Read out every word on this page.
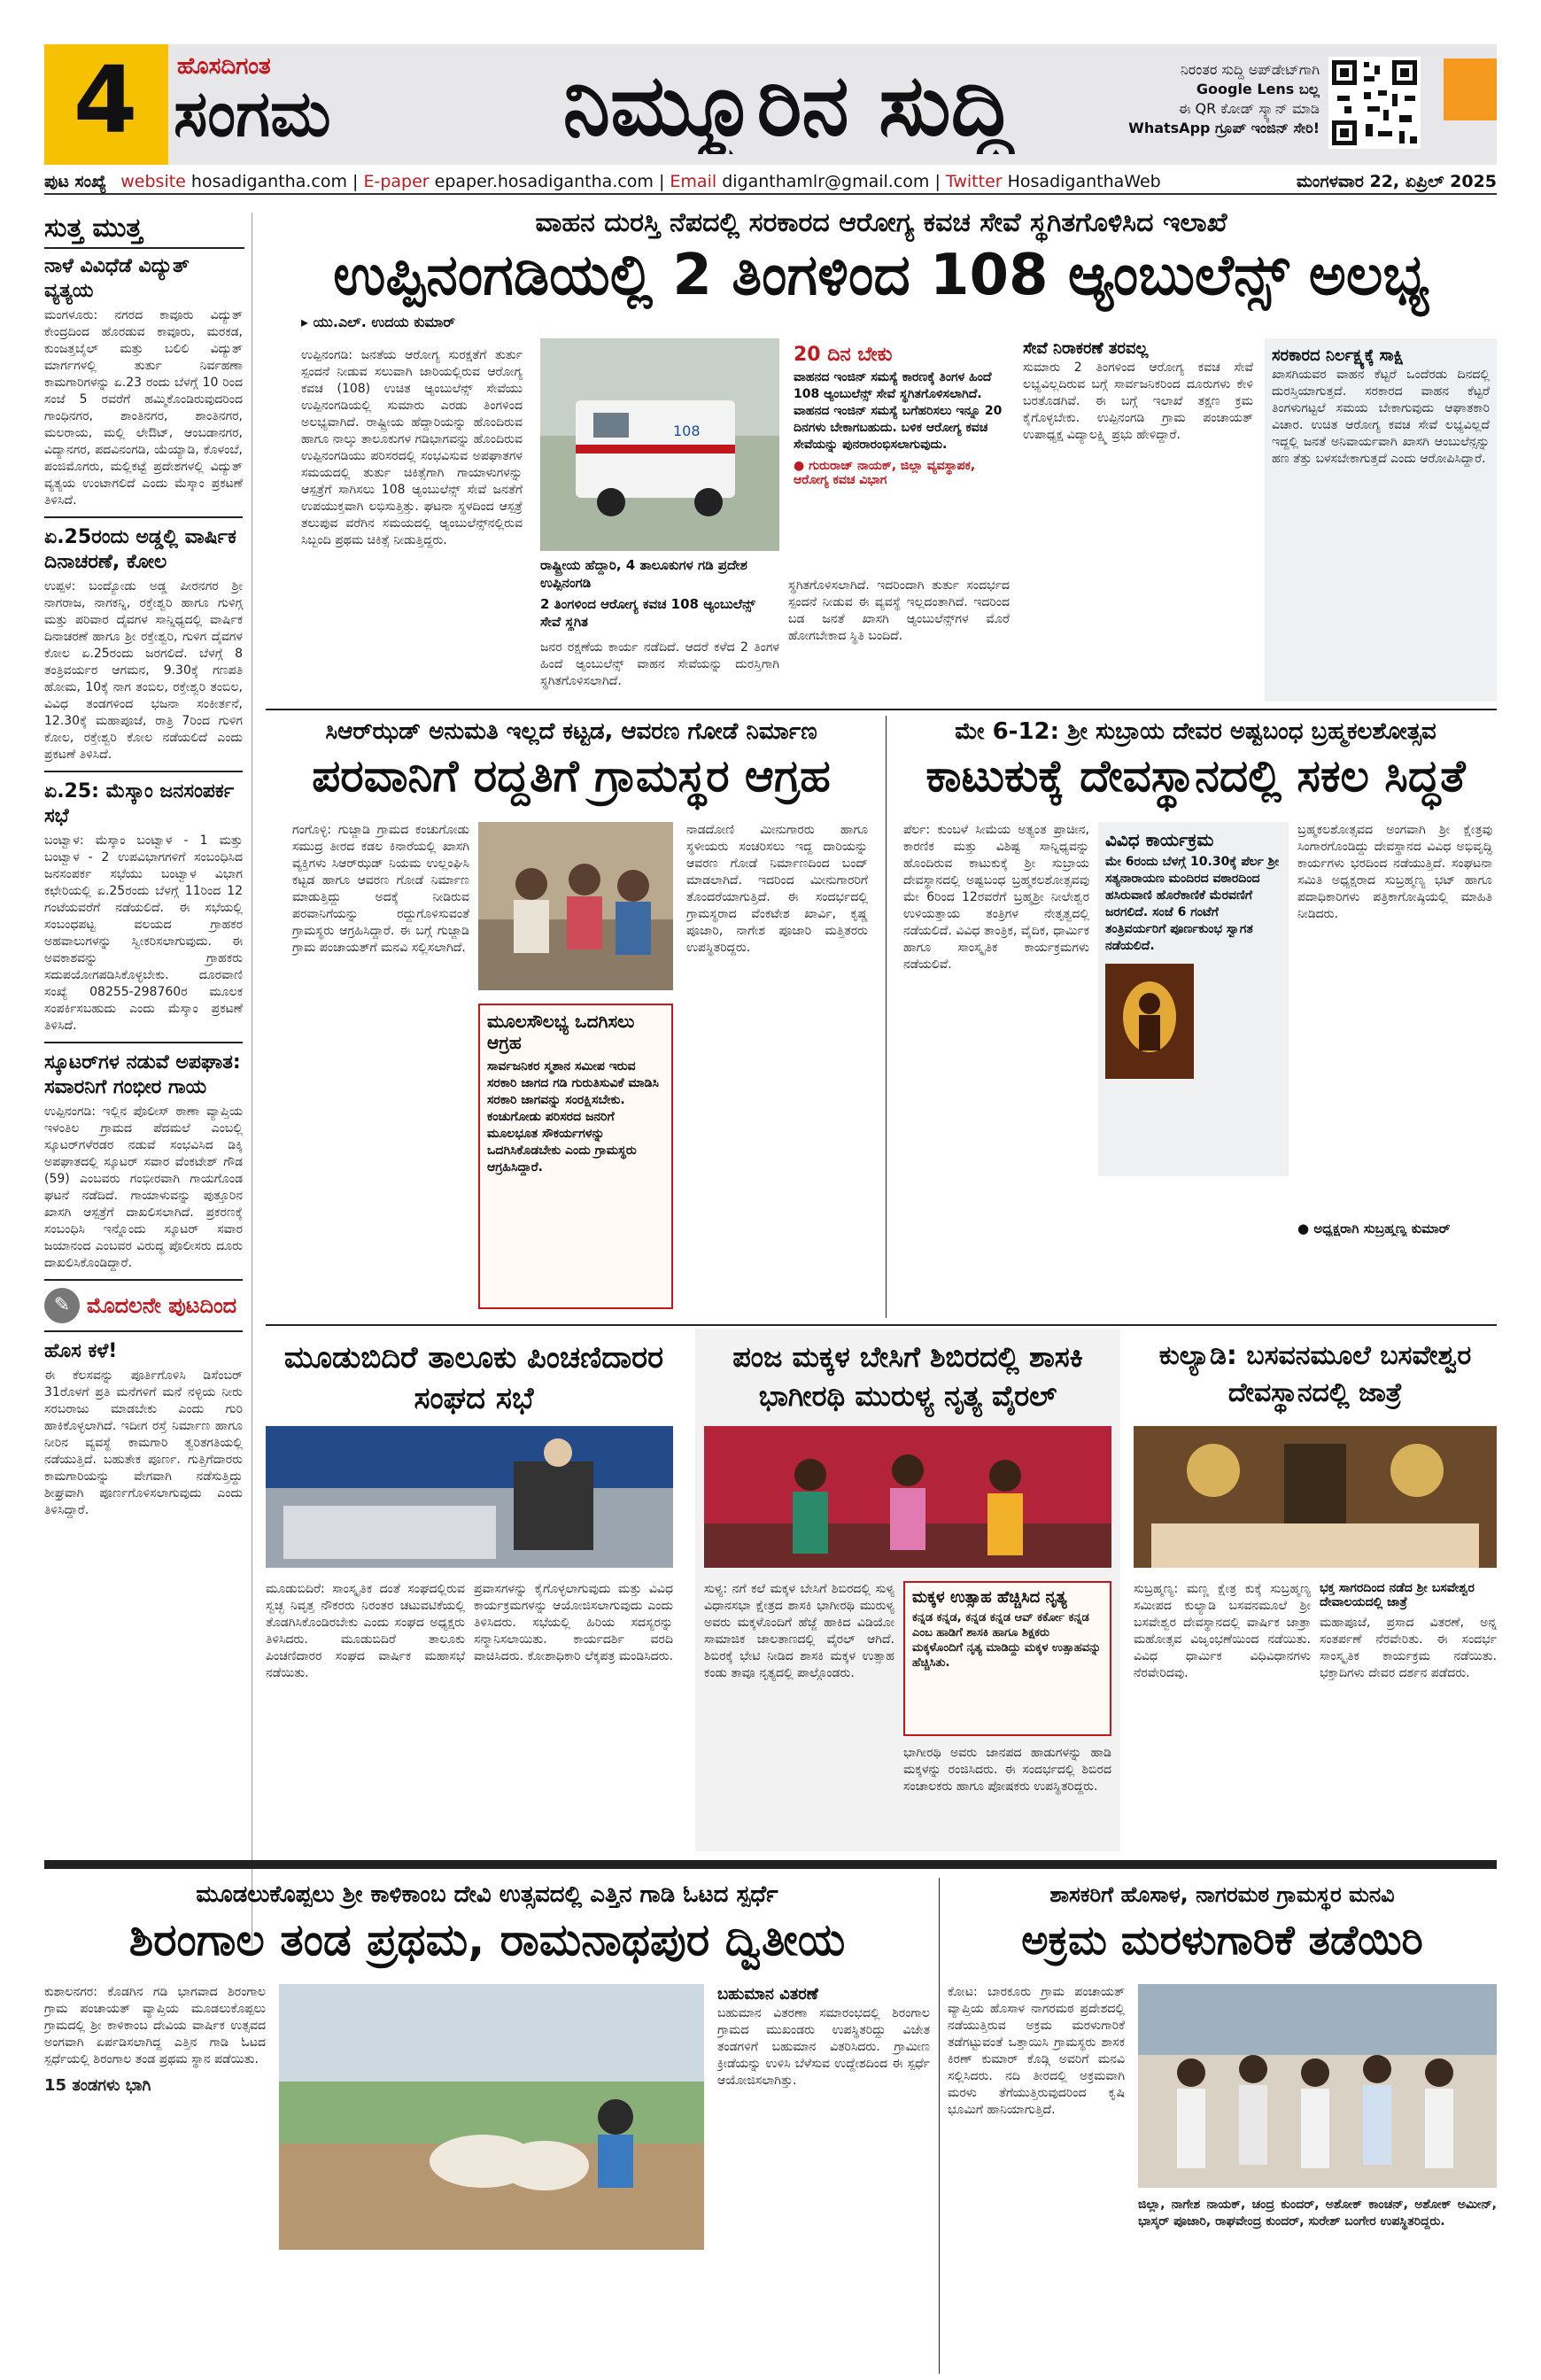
4	ಹೊಸದಿಗಂತ
ಸಂಗಮ	ನಿಮ್ಮೂರಿನ ಸುದ್ದಿ	ನಿರಂತರ ಸುದ್ದಿ ಅಪ್‌ಡೇಟ್‌ಗಾಗಿ
Google Lens ಬಲ್ಲ
ಈ QR ಕೋಡ್ ಸ್ಕ್ಯಾನ್ ಮಾಡಿ
WhatsApp ಗ್ರೂಪ್ ಇಂಜಿನ್ ಸೇರಿ!
ಪುಟ ಸಂಖ್ಯೆ website hosadigantha.com | E-paper epaper.hosadigantha.com | Email diganthamlr@gmail.com | Twitter HosadiganthaWeb	ಮಂಗಳವಾರ 22, ಏಪ್ರಿಲ್ 2025
ಸುತ್ತ ಮುತ್ತ
ನಾಳೆ ವಿವಿಧೆಡೆ ವಿದ್ಯುತ್ ವ್ಯತ್ಯಯ
ಮಂಗಳೂರು: ನಗರದ ಕಾವೂರು ವಿದ್ಯುತ್ ಕೇಂದ್ರದಿಂದ ಹೊರಡುವ ಕಾವೂರು, ಮರಕಡ, ಕುಂಜತ್ತಬೈಲ್ ಮತ್ತು ಬಲಿಲಿ ವಿದ್ಯುತ್ ಮಾರ್ಗಗಳಲ್ಲಿ ತುರ್ತು ನಿರ್ವಹಣಾ ಕಾಮಗಾರಿಗಳನ್ನು ಏ.23 ರಂದು ಬೆಳಗ್ಗೆ 10 ರಿಂದ ಸಂಜೆ 5 ರವರೆಗೆ ಹಮ್ಮಿಕೊಂಡಿರುವುದರಿಂದ ಗಾಂಧಿನಗರ, ಶಾಂತಿನಗರ, ಶಾಂತಿನಗರ, ಮಲರಾಯ, ಮಲ್ಲಿ ಲೇಔಟ್, ಆಂಬಡಾನಗರ, ವಿದ್ಯಾನಗರ, ಪದವಿನಂಗಡಿ, ಯೆಯ್ಯಾಡಿ, ಕೊಳಂಬೆ, ಪಂಜಿಮೊಗರು, ಮಲ್ಲಿಕಟ್ಟೆ ಪ್ರದೇಶಗಳಲ್ಲಿ ವಿದ್ಯುತ್ ವ್ಯತ್ಯಯ ಉಂಟಾಗಲಿದೆ ಎಂದು ಮೆಸ್ಕಾಂ ಪ್ರಕಟಣೆ ತಿಳಿಸಿದೆ.
ಏ.25ರಂದು ಅಡ್ಡಲ್ಲಿ ವಾರ್ಷಿಕ ದಿನಾಚರಣೆ, ಕೋಲ
ಉಪ್ಪಳ: ಬಂದ್ಯೋಡು ಅಡ್ಡ ಪೀರನಗರ ಶ್ರೀ ನಾಗರಾಜ, ನಾಗಕನ್ನಿ, ರಕ್ತೇಶ್ವರಿ ಹಾಗೂ ಗುಳಿಗ್ಗ ಮತ್ತು ಪರಿವಾರ ದೈವಗಳ ಸಾನ್ನಿಧ್ಯದಲ್ಲಿ ವಾರ್ಷಿಕ ದಿನಾಚರಣೆ ಹಾಗೂ ಶ್ರೀ ರಕ್ತೇಶ್ವರಿ, ಗುಳಿಗ ದೈವಗಳ ಕೋಲ ಏ.25ರಂದು ಜರಗಲಿದೆ. ಬೆಳಗ್ಗೆ 8 ತಂತ್ರಿವರ್ಯರ ಆಗಮನ, 9.30ಕ್ಕೆ ಗಣಪತಿ ಹೋಮ, 10ಕ್ಕೆ ನಾಗ ತಂಬಿಲ, ರಕ್ತೇಶ್ವರಿ ತಂಬಿಲ, ವಿವಿಧ ತಂಡಗಳಿಂದ ಭಜನಾ ಸಂಕೀರ್ತನೆ, 12.30ಕ್ಕೆ ಮಹಾಪೂಜೆ, ರಾತ್ರಿ 7ರಿಂದ ಗುಳಿಗ ಕೋಲ, ರಕ್ತೇಶ್ವರಿ ಕೋಲ ನಡೆಯಲಿದೆ ಎಂದು ಪ್ರಕಟಣೆ ತಿಳಿಸಿದೆ.
ಏ.25: ಮೆಸ್ಕಾಂ ಜನಸಂಪರ್ಕ ಸಭೆ
ಬಂಟ್ವಾಳ: ಮೆಸ್ಕಾಂ ಬಂಟ್ವಾಳ - 1 ಮತ್ತು ಬಂಟ್ವಾಳ - 2 ಉಪವಿಭಾಗಗಳಿಗೆ ಸಂಬಂಧಿಸಿದ ಜನಸಂಪರ್ಕ ಸಭೆಯು ಬಂಟ್ವಾಳ ವಿಭಾಗ ಕಛೇರಿಯಲ್ಲಿ ಏ.25ರಂದು ಬೆಳಗ್ಗೆ 11ರಿಂದ 12 ಗಂಟೆಯವರೆಗೆ ನಡೆಯಲಿದೆ. ಈ ಸಭೆಯಲ್ಲಿ ಸಂಬಂಧಪಟ್ಟ ವಲಯದ ಗ್ರಾಹಕರ ಅಹವಾಲುಗಳನ್ನು ಸ್ವೀಕರಿಸಲಾಗುವುದು. ಈ ಅವಕಾಶವನ್ನು ಗ್ರಾಹಕರು ಸದುಪಯೋಗಪಡಿಸಿಕೊಳ್ಳಬೇಕು. ದೂರವಾಣಿ ಸಂಖ್ಯೆ 08255-298760ರ ಮೂಲಕ ಸಂಪರ್ಕಿಸಬಹುದು ಎಂದು ಮೆಸ್ಕಾಂ ಪ್ರಕಟಣೆ ತಿಳಿಸಿದೆ.
ಸ್ಕೂಟರ್‌ಗಳ ನಡುವೆ ಅಪಘಾತ: ಸವಾರನಿಗೆ ಗಂಭೀರ ಗಾಯ
ಉಪ್ಪಿನಂಗಡಿ: ಇಲ್ಲಿನ ಪೊಲೀಸ್ ಠಾಣಾ ವ್ಯಾಪ್ತಿಯ ಇಳಂತಿಲ ಗ್ರಾಮದ ಪೆದಮಲೆ ಎಂಬಲ್ಲಿ ಸ್ಕೂಟರ್‌ಗಳೆರಡರ ನಡುವೆ ಸಂಭವಿಸಿದ ಡಿಕ್ಕಿ ಅಪಘಾತದಲ್ಲಿ ಸ್ಕೂಟರ್ ಸವಾರ ವೆಂಕಟೇಶ್ ಗೌಡ (59) ಎಂಬವರು ಗಂಭೀರವಾಗಿ ಗಾಯಗೊಂಡ ಘಟನೆ ನಡೆದಿದೆ. ಗಾಯಾಳುವನ್ನು ಪುತ್ತೂರಿನ ಖಾಸಗಿ ಆಸ್ಪತ್ರೆಗೆ ದಾಖಲಿಸಲಾಗಿದೆ. ಪ್ರಕರಣಕ್ಕೆ ಸಂಬಂಧಿಸಿ ಇನ್ನೊಂದು ಸ್ಕೂಟರ್ ಸವಾರ ಜಯಾನಂದ ಎಂಬವರ ವಿರುದ್ಧ ಪೊಲೀಸರು ದೂರು ದಾಖಲಿಸಿಕೊಂಡಿದ್ದಾರೆ.
✎ ಮೊದಲನೇ ಪುಟದಿಂದ
ಹೊಸ ಕಳೆ!
ಈ ಕೆಲಸವನ್ನು ಪೂರ್ತಿಗೊಳಿಸಿ ಡಿಸೆಂಬರ್ 31ರೊಳಗೆ ಪ್ರತಿ ಮನೆಗಳಿಗೆ ಮನೆ ನಳ್ಳಿಯ ನೀರು ಸರಬರಾಜು ಮಾಡಬೇಕು ಎಂದು ಗುರಿ ಹಾಕಿಕೊಳ್ಳಲಾಗಿದೆ. ಇದೀಗ ರಸ್ತೆ ನಿರ್ಮಾಣ ಹಾಗೂ ನೀರಿನ ವ್ಯವಸ್ಥೆ ಕಾಮಗಾರಿ ತ್ವರಿತಗತಿಯಲ್ಲಿ ನಡೆಯುತ್ತಿದೆ. ಬಹುತೇಕ ಪೂರ್ಣ. ಗುತ್ತಿಗೆದಾರರು ಕಾಮಗಾರಿಯನ್ನು ವೇಗವಾಗಿ ನಡೆಸುತ್ತಿದ್ದು ಶೀಘ್ರವಾಗಿ ಪೂರ್ಣಗೊಳಿಸಲಾಗುವುದು ಎಂದು ತಿಳಿಸಿದ್ದಾರೆ.
ವಾಹನ ದುರಸ್ತಿ ನೆಪದಲ್ಲಿ ಸರಕಾರದ ಆರೋಗ್ಯ ಕವಚ ಸೇವೆ ಸ್ಥಗಿತಗೊಳಿಸಿದ ಇಲಾಖೆ
ಉಪ್ಪಿನಂಗಡಿಯಲ್ಲಿ 2 ತಿಂಗಳಿಂದ 108 ಆ್ಯಂಬುಲೆನ್ಸ್ ಅಲಭ್ಯ
▸ ಯು.ಎಲ್. ಉದಯ ಕುಮಾರ್
ಉಪ್ಪಿನಂಗಡಿ: ಜನತೆಯ ಆರೋಗ್ಯ ಸುರಕ್ಷತೆಗೆ ತುರ್ತು ಸ್ಪಂದನೆ ನೀಡುವ ಸಲುವಾಗಿ ಜಾರಿಯಲ್ಲಿರುವ ಆರೋಗ್ಯ ಕವಚ (108) ಉಚಿತ ಆ್ಯಂಬುಲೆನ್ಸ್ ಸೇವೆಯು ಉಪ್ಪಿನಂಗಡಿಯಲ್ಲಿ ಸುಮಾರು ಎರಡು ತಿಂಗಳಿಂದ ಅಲಭ್ಯವಾಗಿದೆ. ರಾಷ್ಟ್ರೀಯ ಹೆದ್ದಾರಿಯನ್ನು ಹೊಂದಿರುವ ಹಾಗೂ ನಾಲ್ಕು ತಾಲೂಕುಗಳ ಗಡಿಭಾಗವನ್ನು ಹೊಂದಿರುವ ಉಪ್ಪಿನಂಗಡಿಯು ಪರಿಸರದಲ್ಲಿ ಸಂಭವಿಸುವ ಅಪಘಾತಗಳ ಸಮಯದಲ್ಲಿ ತುರ್ತು ಚಿಕಿತ್ಸೆಗಾಗಿ ಗಾಯಾಳುಗಳನ್ನು ಆಸ್ಪತ್ರೆಗೆ ಸಾಗಿಸಲು 108 ಆ್ಯಂಬುಲೆನ್ಸ್ ಸೇವೆ ಜನತೆಗೆ ಉಪಯುಕ್ತವಾಗಿ ಲಭಿಸುತ್ತಿತ್ತು. ಘಟನಾ ಸ್ಥಳದಿಂದ ಆಸ್ಪತ್ರೆ ತಲುಪುವ ವರೆಗಿನ ಸಮಯದಲ್ಲಿ ಆ್ಯಂಬುಲೆನ್ಸ್‌ನಲ್ಲಿರುವ ಸಿಬ್ಬಂದಿ ಪ್ರಥಮ ಚಿಕಿತ್ಸೆ ನೀಡುತ್ತಿದ್ದರು.
108
ರಾಷ್ಟ್ರೀಯ ಹೆದ್ದಾರಿ, 4 ತಾಲೂಕುಗಳ ಗಡಿ ಪ್ರದೇಶ ಉಪ್ಪಿನಂಗಡಿ
2 ತಿಂಗಳಿಂದ ಆರೋಗ್ಯ ಕವಚ 108 ಆ್ಯಂಬುಲೆನ್ಸ್ ಸೇವೆ ಸ್ಥಗಿತ
ಜನರ ರಕ್ಷಣೆಯ ಕಾರ್ಯ ನಡೆದಿದೆ. ಆದರೆ ಕಳೆದ 2 ತಿಂಗಳ ಹಿಂದೆ ಆ್ಯಂಬುಲೆನ್ಸ್ ವಾಹನ ಸೇವೆಯನ್ನು ದುರಸ್ತಿಗಾಗಿ ಸ್ಥಗಿತಗೊಳಿಸಲಾಗಿದೆ.
20 ದಿನ ಬೇಕು
ವಾಹನದ ಇಂಜಿನ್ ಸಮಸ್ಯೆ ಕಾರಣಕ್ಕೆ ತಿಂಗಳ ಹಿಂದೆ 108 ಆ್ಯಂಬುಲೆನ್ಸ್ ಸೇವೆ ಸ್ಥಗಿತಗೊಳಿಸಲಾಗಿದೆ. ವಾಹನದ ಇಂಜಿನ್ ಸಮಸ್ಯೆ ಬಗೆಹರಿಸಲು ಇನ್ನೂ 20 ದಿನಗಳು ಬೇಕಾಗಬಹುದು. ಬಳಿಕ ಆರೋಗ್ಯ ಕವಚ ಸೇವೆಯನ್ನು ಪುನರಾರಂಭಿಸಲಾಗುವುದು.
● ಗುರುರಾಜ್ ನಾಯಕ್, ಜಿಲ್ಲಾ ವ್ಯವಸ್ಥಾಪಕ, ಆರೋಗ್ಯ ಕವಚ ವಿಭಾಗ
ಸ್ಥಗಿತಗೊಳಿಸಲಾಗಿದೆ. ಇದರಿಂದಾಗಿ ತುರ್ತು ಸಂದರ್ಭದ ಸ್ಪಂದನೆ ನೀಡುವ ಈ ವ್ಯವಸ್ಥೆ ಇಲ್ಲದಂತಾಗಿದೆ. ಇದರಿಂದ ಬಡ ಜನತೆ ಖಾಸಗಿ ಆ್ಯಂಬುಲೆನ್ಸ್‌ಗಳ ಮೊರೆ ಹೋಗಬೇಕಾದ ಸ್ಥಿತಿ ಬಂದಿದೆ.
ಸೇವೆ ನಿರಾಕರಣೆ ತರವಲ್ಲ
ಸುಮಾರು 2 ತಿಂಗಳಿಂದ ಆರೋಗ್ಯ ಕವಚ ಸೇವೆ ಲಭ್ಯವಿಲ್ಲದಿರುವ ಬಗ್ಗೆ ಸಾರ್ವಜನಿಕರಿಂದ ದೂರುಗಳು ಕೇಳಿ ಬರತೊಡಗಿವೆ. ಈ ಬಗ್ಗೆ ಇಲಾಖೆ ತಕ್ಷಣ ಕ್ರಮ ಕೈಗೊಳ್ಳಬೇಕು. ಉಪ್ಪಿನಂಗಡಿ ಗ್ರಾಮ ಪಂಚಾಯತ್ ಉಪಾಧ್ಯಕ್ಷ ವಿದ್ಯಾಲಕ್ಷ್ಮಿ ಪ್ರಭು ಹೇಳಿದ್ದಾರೆ.
ಸರಕಾರದ ನಿರ್ಲಕ್ಷ್ಯಕ್ಕೆ ಸಾಕ್ಷಿ
ಖಾಸಗಿಯವರ ವಾಹನ ಕೆಟ್ಟರೆ ಒಂದೆರಡು ದಿನದಲ್ಲಿ ದುರಸ್ತಿಯಾಗುತ್ತದೆ. ಸರಕಾರದ ವಾಹನ ಕೆಟ್ಟರೆ ತಿಂಗಳುಗಟ್ಟಲೆ ಸಮಯ ಬೇಕಾಗುವುದು ಆಘಾತಕಾರಿ ವಿಚಾರ. ಉಚಿತ ಆರೋಗ್ಯ ಕವಚ ಸೇವೆ ಲಭ್ಯವಿಲ್ಲದೆ ಇದ್ದಲ್ಲಿ ಜನತೆ ಅನಿವಾರ್ಯವಾಗಿ ಖಾಸಗಿ ಆಂಬುಲೆನ್ಸನ್ನು ಹಣ ತೆತ್ತು ಬಳಸಬೇಕಾಗುತ್ತದೆ ಎಂದು ಆರೋಪಿಸಿದ್ದಾರೆ.
ಸಿಆರ್‌ಝಡ್ ಅನುಮತಿ ಇಲ್ಲದೆ ಕಟ್ಟಡ, ಆವರಣ ಗೋಡೆ ನಿರ್ಮಾಣ
ಪರವಾನಿಗೆ ರದ್ದತಿಗೆ ಗ್ರಾಮಸ್ಥರ ಆಗ್ರಹ
ಗಂಗೊಳ್ಳಿ: ಗುಜ್ಜಾಡಿ ಗ್ರಾಮದ ಕಂಚುಗೋಡು ಸಮುದ್ರ ತೀರದ ಕಡಲ ಕಿನಾರೆಯಲ್ಲಿ ಖಾಸಗಿ ವ್ಯಕ್ತಿಗಳು ಸಿಆರ್‌ಝಡ್ ನಿಯಮ ಉಲ್ಲಂಘಿಸಿ ಕಟ್ಟಡ ಹಾಗೂ ಆವರಣ ಗೋಡೆ ನಿರ್ಮಾಣ ಮಾಡುತ್ತಿದ್ದು ಅದಕ್ಕೆ ನೀಡಿರುವ ಪರವಾನಿಗೆಯನ್ನು ರದ್ದುಗೊಳಿಸುವಂತೆ ಗ್ರಾಮಸ್ಥರು ಆಗ್ರಹಿಸಿದ್ದಾರೆ. ಈ ಬಗ್ಗೆ ಗುಜ್ಜಾಡಿ ಗ್ರಾಮ ಪಂಚಾಯತ್‌ಗೆ ಮನವಿ ಸಲ್ಲಿಸಲಾಗಿದೆ.
ಮೂಲಸೌಲಭ್ಯ ಒದಗಿಸಲು ಆಗ್ರಹ
ಸಾರ್ವಜನಿಕರ ಸ್ಮಶಾನ ಸಮೀಪ ಇರುವ ಸರಕಾರಿ ಜಾಗದ ಗಡಿ ಗುರುತಿಸುವಿಕೆ ಮಾಡಿಸಿ ಸರಕಾರಿ ಜಾಗವನ್ನು ಸಂರಕ್ಷಿಸಬೇಕು. ಕಂಚುಗೋಡು ಪರಿಸರದ ಜನರಿಗೆ ಮೂಲಭೂತ ಸೌಕರ್ಯಗಳನ್ನು ಒದಗಿಸಿಕೊಡಬೇಕು ಎಂದು ಗ್ರಾಮಸ್ಥರು ಆಗ್ರಹಿಸಿದ್ದಾರೆ.
ನಾಡದೋಣಿ ಮೀನುಗಾರರು ಹಾಗೂ ಸ್ಥಳೀಯರು ಸಂಚರಿಸಲು ಇದ್ದ ದಾರಿಯನ್ನು ಆವರಣ ಗೋಡೆ ನಿರ್ಮಾಣದಿಂದ ಬಂದ್ ಮಾಡಲಾಗಿದೆ. ಇದರಿಂದ ಮೀನುಗಾರರಿಗೆ ತೊಂದರೆಯಾಗುತ್ತಿದೆ. ಈ ಸಂದರ್ಭದಲ್ಲಿ ಗ್ರಾಮಸ್ಥರಾದ ವೆಂಕಟೇಶ ಖಾರ್ವಿ, ಕೃಷ್ಣ ಪೂಜಾರಿ, ನಾಗೇಶ ಪೂಜಾರಿ ಮತ್ತಿತರರು ಉಪಸ್ಥಿತರಿದ್ದರು.
ಮೇ 6-12: ಶ್ರೀ ಸುಬ್ರಾಯ ದೇವರ ಅಷ್ಟಬಂಧ ಬ್ರಹ್ಮಕಲಶೋತ್ಸವ
ಕಾಟುಕುಕ್ಕೆ ದೇವಸ್ಥಾನದಲ್ಲಿ ಸಕಲ ಸಿದ್ಧತೆ
ಪೆರ್ಲ: ಕುಂಬಳೆ ಸೀಮೆಯ ಅತ್ಯಂತ ಪ್ರಾಚೀನ, ಕಾರಣಿಕ ಮತ್ತು ವಿಶಿಷ್ಟ ಸಾನ್ನಿಧ್ಯವನ್ನು ಹೊಂದಿರುವ ಕಾಟುಕುಕ್ಕೆ ಶ್ರೀ ಸುಬ್ರಾಯ ದೇವಸ್ಥಾನದಲ್ಲಿ ಅಷ್ಟಬಂಧ ಬ್ರಹ್ಮಕಲಶೋತ್ಸವವು ಮೇ 6ರಿಂದ 12ರವರೆಗೆ ಬ್ರಹ್ಮಶ್ರೀ ನೀಲೇಶ್ವರ ಉಳಿಯತ್ತಾಯ ತಂತ್ರಿಗಳ ನೇತೃತ್ವದಲ್ಲಿ ನಡೆಯಲಿದೆ. ವಿವಿಧ ತಾಂತ್ರಿಕ, ವೈದಿಕ, ಧಾರ್ಮಿಕ ಹಾಗೂ ಸಾಂಸ್ಕೃತಿಕ ಕಾರ್ಯಕ್ರಮಗಳು ನಡೆಯಲಿವೆ.
ವಿವಿಧ ಕಾರ್ಯಕ್ರಮ
ಮೇ 6ರಂದು ಬೆಳಗ್ಗೆ 10.30ಕ್ಕೆ ಪೆರ್ಲ ಶ್ರೀ ಸತ್ಯನಾರಾಯಣ ಮಂದಿರದ ವಠಾರದಿಂದ ಹಸಿರುವಾಣಿ ಹೊರೆಕಾಣಿಕೆ ಮೆರವಣಿಗೆ ಜರಗಲಿದೆ. ಸಂಜೆ 6 ಗಂಟೆಗೆ ತಂತ್ರಿವರ್ಯರಿಗೆ ಪೂರ್ಣಕುಂಭ ಸ್ವಾಗತ ನಡೆಯಲಿದೆ.
ಬ್ರಹ್ಮಕಲಶೋತ್ಸವದ ಅಂಗವಾಗಿ ಶ್ರೀ ಕ್ಷೇತ್ರವು ಸಿಂಗಾರಗೊಂಡಿದ್ದು ದೇವಸ್ಥಾನದ ವಿವಿಧ ಅಭಿವೃದ್ಧಿ ಕಾರ್ಯಗಳು ಭರದಿಂದ ನಡೆಯುತ್ತಿದೆ. ಸಂಘಟನಾ ಸಮಿತಿ ಅಧ್ಯಕ್ಷರಾದ ಸುಬ್ರಹ್ಮಣ್ಯ ಭಟ್ ಹಾಗೂ ಪದಾಧಿಕಾರಿಗಳು ಪತ್ರಿಕಾಗೋಷ್ಠಿಯಲ್ಲಿ ಮಾಹಿತಿ ನೀಡಿದರು.
● ಅಧ್ಯಕ್ಷರಾಗಿ ಸುಬ್ರಹ್ಮಣ್ಯ ಕುಮಾರ್
ಮೂಡುಬಿದಿರೆ ತಾಲೂಕು ಪಿಂಚಣಿದಾರರ ಸಂಘದ ಸಭೆ
ಮೂಡುಬಿದಿರೆ: ಸಾಂಸ್ಕೃತಿಕ ದಂತೆ ಸಂಘದಲ್ಲಿರುವ ಸ್ವಚ್ಛ ನಿವೃತ್ತ ನೌಕರರು ನಿರಂತರ ಚಟುವಟಿಕೆಯಲ್ಲಿ ತೊಡಗಿಸಿಕೊಂಡಿರಬೇಕು ಎಂದು ಸಂಘದ ಅಧ್ಯಕ್ಷರು ತಿಳಿಸಿದರು. ಮೂಡುಬಿದಿರೆ ತಾಲೂಕು ಪಿಂಚಣಿದಾರರ ಸಂಘದ ವಾರ್ಷಿಕ ಮಹಾಸಭೆ ನಡೆಯಿತು.
ಪ್ರವಾಸಗಳನ್ನು ಕೈಗೊಳ್ಳಲಾಗುವುದು ಮತ್ತು ವಿವಿಧ ಕಾರ್ಯಕ್ರಮಗಳನ್ನು ಆಯೋಜಿಸಲಾಗುವುದು ಎಂದು ತಿಳಿಸಿದರು. ಸಭೆಯಲ್ಲಿ ಹಿರಿಯ ಸದಸ್ಯರನ್ನು ಸನ್ಮಾನಿಸಲಾಯಿತು. ಕಾರ್ಯದರ್ಶಿ ವರದಿ ವಾಚಿಸಿದರು. ಕೋಶಾಧಿಕಾರಿ ಲೆಕ್ಕಪತ್ರ ಮಂಡಿಸಿದರು.
ಪಂಜ ಮಕ್ಕಳ ಬೇಸಿಗೆ ಶಿಬಿರದಲ್ಲಿ ಶಾಸಕಿ ಭಾಗೀರಥಿ ಮುರುಳ್ಯ ನೃತ್ಯ ವೈರಲ್
ಸುಳ್ಯ: ನಗೆ ಕಲೆ ಮಕ್ಕಳ ಬೇಸಿಗೆ ಶಿಬಿರದಲ್ಲಿ ಸುಳ್ಯ ವಿಧಾನಸಭಾ ಕ್ಷೇತ್ರದ ಶಾಸಕಿ ಭಾಗೀರಥಿ ಮುರುಳ್ಯ ಅವರು ಮಕ್ಕಳೊಂದಿಗೆ ಹೆಜ್ಜೆ ಹಾಕಿದ ವಿಡಿಯೋ ಸಾಮಾಜಿಕ ಜಾಲತಾಣದಲ್ಲಿ ವೈರಲ್ ಆಗಿದೆ. ಶಿಬಿರಕ್ಕೆ ಭೇಟಿ ನೀಡಿದ ಶಾಸಕಿ ಮಕ್ಕಳ ಉತ್ಸಾಹ ಕಂಡು ತಾವೂ ನೃತ್ಯದಲ್ಲಿ ಪಾಲ್ಗೊಂಡರು.
ಮಕ್ಕಳ ಉತ್ಸಾಹ ಹೆಚ್ಚಿಸಿದ ನೃತ್ಯ
ಕನ್ನಡ ಕನ್ನಡ, ಕನ್ನಡ ಕನ್ನಡ ಆವ್ ಕರ್ಕೋ ಕನ್ನಡ ಎಂಬ ಹಾಡಿಗೆ ಶಾಸಕಿ ಹಾಗೂ ಶಿಕ್ಷಕರು ಮಕ್ಕಳೊಂದಿಗೆ ನೃತ್ಯ ಮಾಡಿದ್ದು ಮಕ್ಕಳ ಉತ್ಸಾಹವನ್ನು ಹೆಚ್ಚಿಸಿತು.
ಭಾಗೀರಥಿ ಅವರು ಜಾನಪದ ಹಾಡುಗಳನ್ನು ಹಾಡಿ ಮಕ್ಕಳನ್ನು ರಂಜಿಸಿದರು. ಈ ಸಂದರ್ಭದಲ್ಲಿ ಶಿಬಿರದ ಸಂಚಾಲಕರು ಹಾಗೂ ಪೋಷಕರು ಉಪಸ್ಥಿತರಿದ್ದರು.
ಕುಲ್ಯಾಡಿ: ಬಸವನಮೂಲೆ ಬಸವೇಶ್ವರ ದೇವಸ್ಥಾನದಲ್ಲಿ ಜಾತ್ರೆ
ಸುಬ್ರಹ್ಮಣ್ಯ: ಮಣ್ಣ ಕ್ಷೇತ್ರ ಕುಕ್ಕೆ ಸುಬ್ರಹ್ಮಣ್ಯ ಸಮೀಪದ ಕುಲ್ಯಾಡಿ ಬಸವನಮೂಲೆ ಶ್ರೀ ಬಸವೇಶ್ವರ ದೇವಸ್ಥಾನದಲ್ಲಿ ವಾರ್ಷಿಕ ಜಾತ್ರಾ ಮಹೋತ್ಸವ ವಿಜೃಂಭಣೆಯಿಂದ ನಡೆಯಿತು. ವಿವಿಧ ಧಾರ್ಮಿಕ ವಿಧಿವಿಧಾನಗಳು ನೆರವೇರಿದವು.
ಭಕ್ತ ಸಾಗರದಿಂದ ನಡೆದ ಶ್ರೀ ಬಸವೇಶ್ವರ ದೇವಾಲಯದಲ್ಲಿ ಜಾತ್ರೆ
ಮಹಾಪೂಜೆ, ಪ್ರಸಾದ ವಿತರಣೆ, ಅನ್ನ ಸಂತರ್ಪಣೆ ನೆರವೇರಿತು. ಈ ಸಂದರ್ಭ ಸಾಂಸ್ಕೃತಿಕ ಕಾರ್ಯಕ್ರಮ ನಡೆಯಿತು. ಭಕ್ತಾದಿಗಳು ದೇವರ ದರ್ಶನ ಪಡೆದರು.
ಮೂಡಲುಕೊಪ್ಪಲು ಶ್ರೀ ಕಾಳಿಕಾಂಬ ದೇವಿ ಉತ್ಸವದಲ್ಲಿ ಎತ್ತಿನ ಗಾಡಿ ಓಟದ ಸ್ಪರ್ಧೆ
ಶಿರಂಗಾಲ ತಂಡ ಪ್ರಥಮ, ರಾಮನಾಥಪುರ ದ್ವಿತೀಯ
ಕುಶಾಲನಗರ: ಕೊಡಗಿನ ಗಡಿ ಭಾಗವಾದ ಶಿರಂಗಾಲ ಗ್ರಾಮ ಪಂಚಾಯತ್ ವ್ಯಾಪ್ತಿಯ ಮೂಡಲುಕೊಪ್ಪಲು ಗ್ರಾಮದಲ್ಲಿ ಶ್ರೀ ಕಾಳಿಕಾಂಬ ದೇವಿಯ ವಾರ್ಷಿಕ ಉತ್ಸವದ ಅಂಗವಾಗಿ ಏರ್ಪಡಿಸಲಾಗಿದ್ದ ಎತ್ತಿನ ಗಾಡಿ ಓಟದ ಸ್ಪರ್ಧೆಯಲ್ಲಿ ಶಿರಂಗಾಲ ತಂಡ ಪ್ರಥಮ ಸ್ಥಾನ ಪಡೆಯಿತು.
15 ತಂಡಗಳು ಭಾಗಿ
ಬಹುಮಾನ ವಿತರಣೆ
ಬಹುಮಾನ ವಿತರಣಾ ಸಮಾರಂಭದಲ್ಲಿ ಶಿರಂಗಾಲ ಗ್ರಾಮದ ಮುಖಂಡರು ಉಪಸ್ಥಿತರಿದ್ದು ವಿಜೇತ ತಂಡಗಳಿಗೆ ಬಹುಮಾನ ವಿತರಿಸಿದರು. ಗ್ರಾಮೀಣ ಕ್ರೀಡೆಯನ್ನು ಉಳಿಸಿ ಬೆಳೆಸುವ ಉದ್ದೇಶದಿಂದ ಈ ಸ್ಪರ್ಧೆ ಆಯೋಜಿಸಲಾಗಿತ್ತು.
ಶಾಸಕರಿಗೆ ಹೊಸಾಳ, ನಾಗರಮಠ ಗ್ರಾಮಸ್ಥರ ಮನವಿ
ಅಕ್ರಮ ಮರಳುಗಾರಿಕೆ ತಡೆಯಿರಿ
ಕೋಟ: ಬಾರಕೂರು ಗ್ರಾಮ ಪಂಚಾಯತ್ ವ್ಯಾಪ್ತಿಯ ಹೊಸಾಳ ನಾಗರಮಠ ಪ್ರದೇಶದಲ್ಲಿ ನಡೆಯುತ್ತಿರುವ ಅಕ್ರಮ ಮರಳುಗಾರಿಕೆ ತಡೆಗಟ್ಟುವಂತೆ ಒತ್ತಾಯಿಸಿ ಗ್ರಾಮಸ್ಥರು ಶಾಸಕ ಕಿರಣ್ ಕುಮಾರ್ ಕೊಡ್ಗಿ ಅವರಿಗೆ ಮನವಿ ಸಲ್ಲಿಸಿದರು. ನದಿ ತೀರದಲ್ಲಿ ಅಕ್ರಮವಾಗಿ ಮರಳು ತೆಗೆಯುತ್ತಿರುವುದರಿಂದ ಕೃಷಿ ಭೂಮಿಗೆ ಹಾನಿಯಾಗುತ್ತಿದೆ.
ಜಿಲ್ಲಾ, ನಾಗೇಶ ನಾಯಕ್, ಚಂದ್ರ ಕುಂದರ್, ಅಶೋಕ್ ಕಾಂಚನ್, ಅಶೋಕ್ ಅಮೀನ್, ಭಾಸ್ಕರ್ ಪೂಜಾರಿ, ರಾಘವೇಂದ್ರ ಕುಂದರ್, ಸುರೇಶ್ ಬಂಗೇರ ಉಪಸ್ಥಿತರಿದ್ದರು.
